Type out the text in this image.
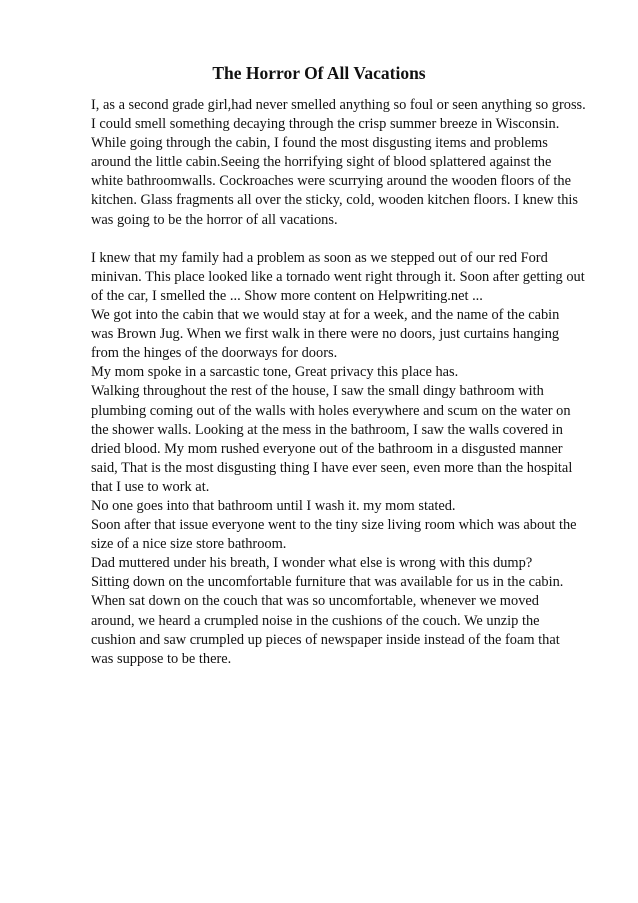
The Horror Of All Vacations
I, as a second grade girl,had never smelled anything so foul or seen anything so gross.
I could smell something decaying through the crisp summer breeze in Wisconsin.
While going through the cabin, I found the most disgusting items and problems
around the little cabin.Seeing the horrifying sight of blood splattered against the
white bathroomwalls. Cockroaches were scurrying around the wooden floors of the
kitchen. Glass fragments all over the sticky, cold, wooden kitchen floors. I knew this
was going to be the horror of all vacations.
I knew that my family had a problem as soon as we stepped out of our red Ford
minivan. This place looked like a tornado went right through it. Soon after getting out
of the car, I smelled the ... Show more content on Helpwriting.net ...
We got into the cabin that we would stay at for a week, and the name of the cabin
was Brown Jug. When we first walk in there were no doors, just curtains hanging
from the hinges of the doorways for doors.
My mom spoke in a sarcastic tone, Great privacy this place has.
Walking throughout the rest of the house, I saw the small dingy bathroom with
plumbing coming out of the walls with holes everywhere and scum on the water on
the shower walls. Looking at the mess in the bathroom, I saw the walls covered in
dried blood. My mom rushed everyone out of the bathroom in a disgusted manner
said, That is the most disgusting thing I have ever seen, even more than the hospital
that I use to work at.
No one goes into that bathroom until I wash it. my mom stated.
Soon after that issue everyone went to the tiny size living room which was about the
size of a nice size store bathroom.
Dad muttered under his breath, I wonder what else is wrong with this dump?
Sitting down on the uncomfortable furniture that was available for us in the cabin.
When sat down on the couch that was so uncomfortable, whenever we moved
around, we heard a crumpled noise in the cushions of the couch. We unzip the
cushion and saw crumpled up pieces of newspaper inside instead of the foam that
was suppose to be there.
